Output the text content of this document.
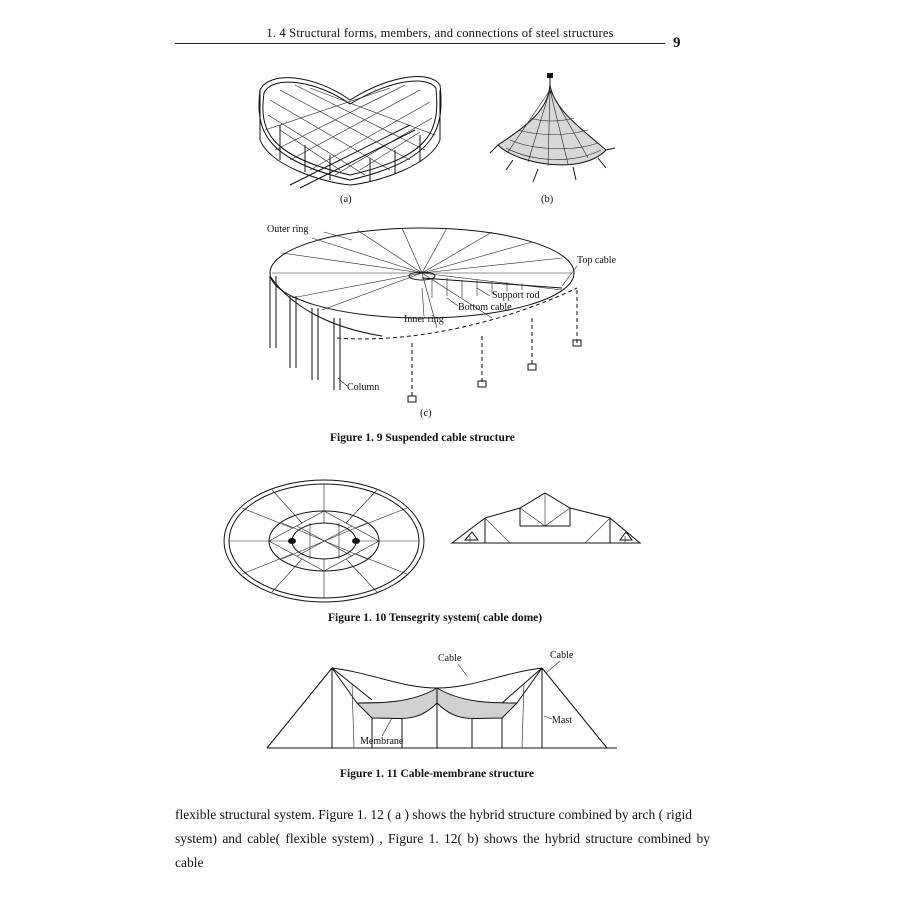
1. 4 Structural forms, members, and connections of steel structures
9
(a)	(b)
Outer ring
Top cable
Support rod
Bottom cable
Inner ring
Column
(c)
Figure 1. 9 Suspended cable structure
Figure 1. 10 Tensegrity system( cable dome)
Cable	Cable
Mast
Membrane
Figure 1. 11 Cable-membrane structure
flexible structural system. Figure 1. 12 ( a ) shows the hybrid structure combined by arch ( rigid
system) and cable( flexible system) , Figure 1. 12( b) shows the hybrid structure combined by cable
